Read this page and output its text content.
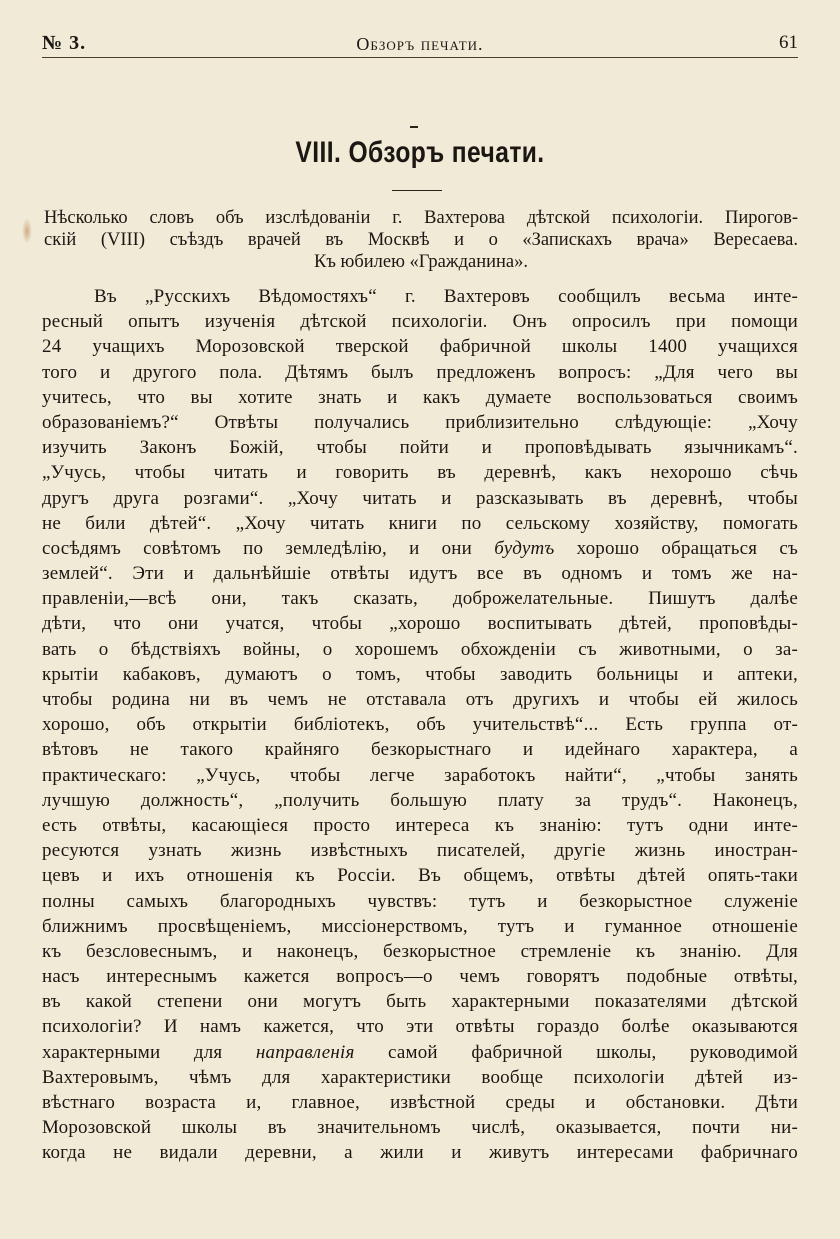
№ 3.	Обзоръ печати.	61
VIII. Обзоръ печати.
Нѣсколько словъ объ изслѣдованіи г. Вахтерова дѣтской психологіи. Пирогов-
скій (VIII) съѣздъ врачей въ Москвѣ и о «Запискахъ врача» Вересаева.
Къ юбилею «Гражданина».
Въ „Русскихъ Вѣдомостяхъ“ г. Вахтеровъ сообщилъ весьма инте-
ресный опытъ изученія дѣтской психологіи. Онъ опросилъ при помощи
24 учащихъ Морозовской тверской фабричной школы 1400 учащихся
того и другого пола. Дѣтямъ былъ предложенъ вопросъ: „Для чего вы
учитесь, что вы хотите знать и какъ думаете воспользоваться своимъ
образованіемъ?“ Отвѣты получались приблизительно слѣдующіе: „Хочу
изучить Законъ Божій, чтобы пойти и проповѣдывать язычникамъ“.
„Учусь, чтобы читать и говорить въ деревнѣ, какъ нехорошо сѣчь
другъ друга розгами“. „Хочу читать и разсказывать въ деревнѣ, чтобы
не били дѣтей“. „Хочу читать книги по сельскому хозяйству, помогать
сосѣдямъ совѣтомъ по земледѣлію, и они будутъ хорошо обращаться съ
землей“. Эти и дальнѣйшіе отвѣты идутъ все въ одномъ и томъ же на-
правленіи,—всѣ они, такъ сказать, доброжелательные. Пишутъ далѣе
дѣти, что они учатся, чтобы „хорошо воспитывать дѣтей, проповѣды-
вать о бѣдствіяхъ войны, о хорошемъ обхожденіи съ животными, о за-
крытіи кабаковъ, думаютъ о томъ, чтобы заводить больницы и аптеки,
чтобы родина ни въ чемъ не отставала отъ другихъ и чтобы ей жилось
хорошо, объ открытіи библіотекъ, объ учительствѣ“... Есть группа от-
вѣтовъ не такого крайняго безкорыстнаго и идейнаго характера, а
практическаго: „Учусь, чтобы легче заработокъ найти“, „чтобы занять
лучшую должность“, „получить большую плату за трудъ“. Наконецъ,
есть отвѣты, касающіеся просто интереса къ знанію: тутъ одни инте-
ресуются узнать жизнь извѣстныхъ писателей, другіе жизнь иностран-
цевъ и ихъ отношенія къ Россіи. Въ общемъ, отвѣты дѣтей опять-таки
полны самыхъ благородныхъ чувствъ: тутъ и безкорыстное служеніе
ближнимъ просвѣщеніемъ, миссіонерствомъ, тутъ и гуманное отношеніе
къ безсловеснымъ, и наконецъ, безкорыстное стремленіе къ знанію. Для
насъ интереснымъ кажется вопросъ—о чемъ говорятъ подобные отвѣты,
въ какой степени они могутъ быть характерными показателями дѣтской
психологіи? И намъ кажется, что эти отвѣты гораздо болѣе оказываются
характерными для направленія самой фабричной школы, руководимой
Вахтеровымъ, чѣмъ для характеристики вообще психологіи дѣтей из-
вѣстнаго возраста и, главное, извѣстной среды и обстановки. Дѣти
Морозовской школы въ значительномъ числѣ, оказывается, почти ни-
когда не видали деревни, а жили и живутъ интересами фабричнаго
